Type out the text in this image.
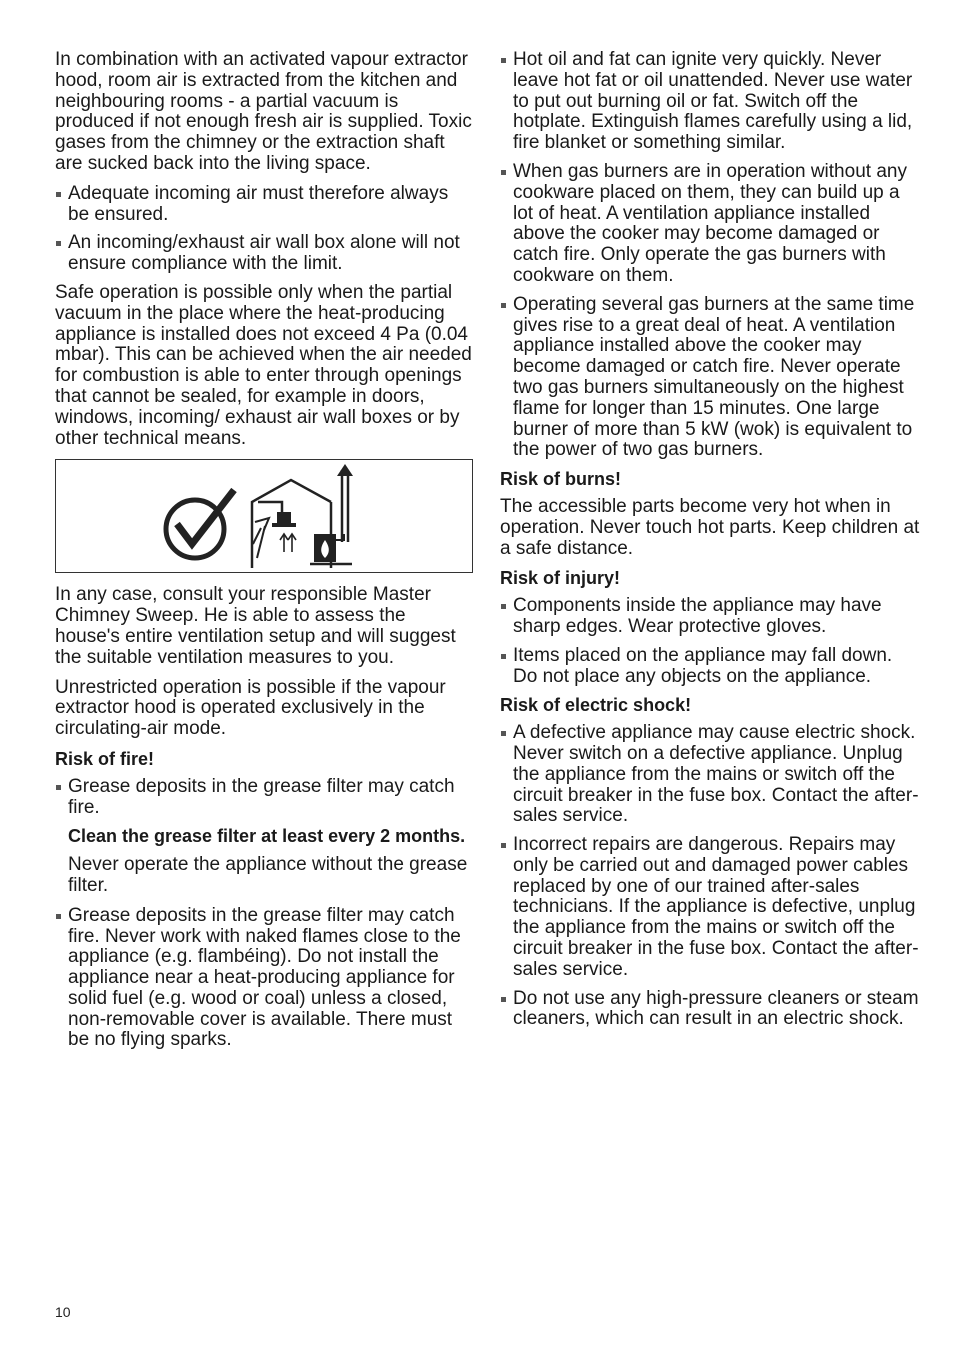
In combination with an activated vapour extractor hood, room air is extracted from the kitchen and neighbouring rooms - a partial vacuum is produced if not enough fresh air is supplied. Toxic gases from the chimney or the extraction shaft are sucked back into the living space.

Adequate incoming air must therefore always be ensured.
An incoming/exhaust air wall box alone will not ensure compliance with the limit.

Safe operation is possible only when the partial vacuum in the place where the heat-producing appliance is installed does not exceed 4 Pa (0.04 mbar). This can be achieved when the air needed for combustion is able to enter through openings that cannot be sealed, for example in doors, windows, incoming/ exhaust air wall boxes or by other technical means.

In any case, consult your responsible Master Chimney Sweep. He is able to assess the house's entire ventilation setup and will suggest the suitable ventilation measures to you.

Unrestricted operation is possible if the vapour extractor hood is operated exclusively in the circulating-air mode.

Risk of fire!

Grease deposits in the grease filter may catch fire.

Clean the grease filter at least every 2 months.

Never operate the appliance without the grease filter.

Grease deposits in the grease filter may catch fire. Never work with naked flames close to the appliance (e.g. flambéing). Do not install the appliance near a heat-producing appliance for solid fuel (e.g. wood or coal) unless a closed, non-removable cover is available. There must be no flying sparks.
Hot oil and fat can ignite very quickly. Never leave hot fat or oil unattended. Never use water to put out burning oil or fat. Switch off the hotplate. Extinguish flames carefully using a lid, fire blanket or something similar.
When gas burners are in operation without any cookware placed on them, they can build up a lot of heat. A ventilation appliance installed above the cooker may become damaged or catch fire. Only operate the gas burners with cookware on them.
Operating several gas burners at the same time gives rise to a great deal of heat. A ventilation appliance installed above the cooker may become damaged or catch fire. Never operate two gas burners simultaneously on the highest flame for longer than 15 minutes. One large burner of more than 5 kW (wok) is equivalent to the power of two gas burners.

Risk of burns!

The accessible parts become very hot when in operation. Never touch hot parts. Keep children at a safe distance.

Risk of injury!

Components inside the appliance may have sharp edges. Wear protective gloves.
Items placed on the appliance may fall down. Do not place any objects on the appliance.

Risk of electric shock!

A defective appliance may cause electric shock. Never switch on a defective appliance. Unplug the appliance from the mains or switch off the circuit breaker in the fuse box. Contact the after-sales service.
Incorrect repairs are dangerous. Repairs may only be carried out and damaged power cables replaced by one of our trained after-sales technicians. If the appliance is defective, unplug the appliance from the mains or switch off the circuit breaker in the fuse box. Contact the after-sales service.
Do not use any high-pressure cleaners or steam cleaners, which can result in an electric shock.
10
